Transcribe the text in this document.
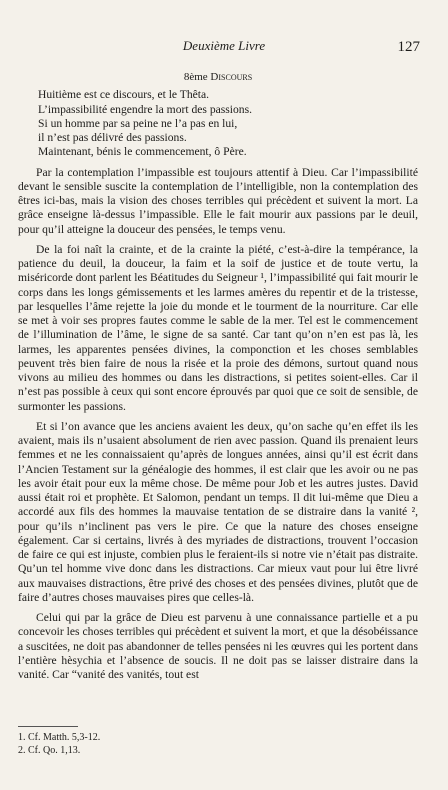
Deuxième Livre	127
8ème Discours
Huitième est ce discours, et le Thêta.
L’impassibilité engendre la mort des passions.
Si un homme par sa peine ne l’a pas en lui,
il n’est pas délivré des passions.
Maintenant, bénis le commencement, ô Père.

Par la contemplation l’impassible est toujours attentif à Dieu. Car l’impassibilité devant le sensible suscite la contemplation de l’intelligible, non la contemplation des êtres ici-bas, mais la vision des choses terribles qui précèdent et suivent la mort. La grâce enseigne là-dessus l’impassible. Elle le fait mourir aux passions par le deuil, pour qu’il atteigne la douceur des pensées, le temps venu.

De la foi naît la crainte, et de la crainte la piété, c’est-à-dire la tempérance, la patience du deuil, la douceur, la faim et la soif de justice et de toute vertu, la miséricorde dont parlent les Béatitudes du Seigneur ¹, l’impassibilité qui fait mourir le corps dans les longs gémissements et les larmes amères du repentir et de la tristesse, par lesquelles l’âme rejette la joie du monde et le tourment de la nourriture. Car elle se met à voir ses propres fautes comme le sable de la mer. Tel est le commencement de l’illumination de l’âme, le signe de sa santé. Car tant qu’on n’en est pas là, les larmes, les apparentes pensées divines, la componction et les choses semblables peuvent très bien faire de nous la risée et la proie des démons, surtout quand nous vivons au milieu des hommes ou dans les distractions, si petites soient-elles. Car il n’est pas possible à ceux qui sont encore éprouvés par quoi que ce soit de sensible, de surmonter les passions.

Et si l’on avance que les anciens avaient les deux, qu’on sache qu’en effet ils les avaient, mais ils n’usaient absolument de rien avec passion. Quand ils prenaient leurs femmes et ne les connaissaient qu’après de longues années, ainsi qu’il est écrit dans l’Ancien Testament sur la généalogie des hommes, il est clair que les avoir ou ne pas les avoir était pour eux la même chose. De même pour Job et les autres justes. David aussi était roi et prophète. Et Salomon, pendant un temps. Il dit lui-même que Dieu a accordé aux fils des hommes la mauvaise tentation de se distraire dans la vanité ², pour qu’ils n’inclinent pas vers le pire. Ce que la nature des choses enseigne également. Car si certains, livrés à des myriades de distractions, trouvent l’occasion de faire ce qui est injuste, combien plus le feraient-ils si notre vie n’était pas distraite. Qu’un tel homme vive donc dans les distractions. Car mieux vaut pour lui être livré aux mauvaises distractions, être privé des choses et des pensées divines, plutôt que de faire d’autres choses mauvaises pires que celles-là.

Celui qui par la grâce de Dieu est parvenu à une connaissance partielle et a pu concevoir les choses terribles qui précèdent et suivent la mort, et que la désobéissance a suscitées, ne doit pas abandonner de telles pensées ni les œuvres qui les portent dans l’entière hèsychia et l’absence de soucis. Il ne doit pas se laisser distraire dans la vanité. Car “vanité des vanités, tout est

1. Cf. Matth. 5,3-12.
2. Cf. Qo. 1,13.
